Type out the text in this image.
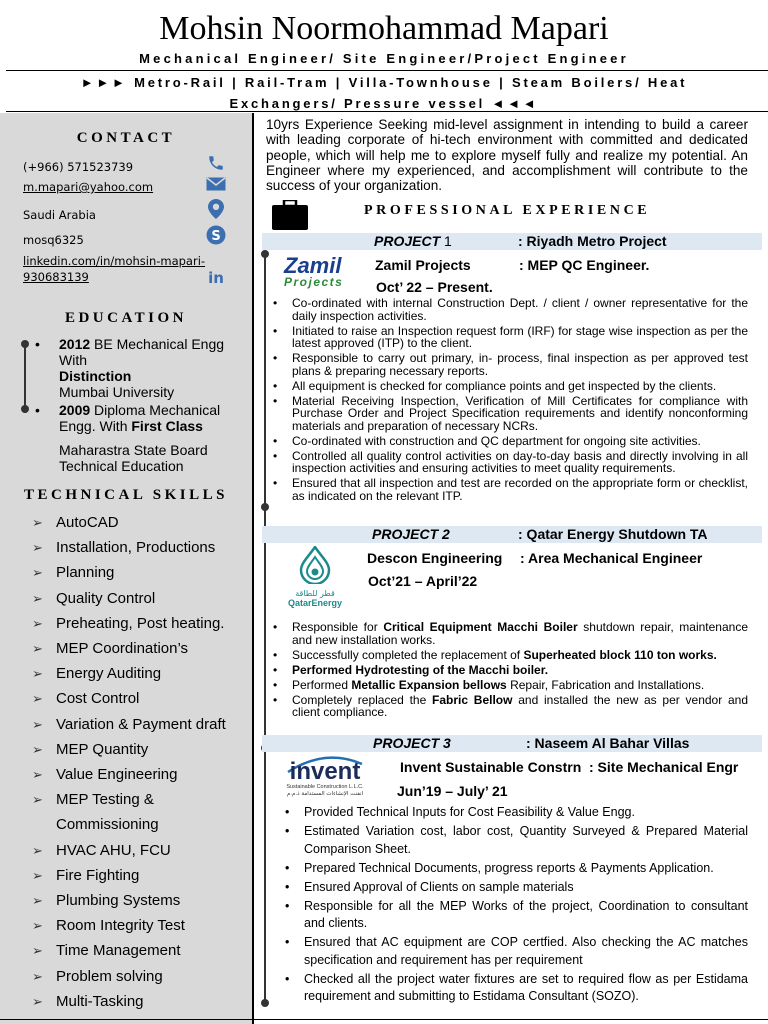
Mohsin Noormohammad Mapari
Mechanical Engineer/ Site Engineer/Project Engineer
►►► Metro-Rail | Rail-Tram | Villa-Townhouse | Steam Boilers/ Heat
Exchangers/ Pressure vessel ◄◄◄
CONTACT
(+966) 571523739
m.mapari@yahoo.com
Saudi Arabia
mosq6325
linkedin.com/in/mohsin-mapari-
930683139
S
in
EDUCATION
• 2012 BE Mechanical Engg With
Distinction
Mumbai University
• 2009 Diploma Mechanical
Engg. With First Class

Maharastra State Board
Technical Education
TECHNICAL SKILLS
➢ AutoCAD
➢ Installation, Productions
➢ Planning
➢ Quality Control
➢ Preheating, Post heating.
➢ MEP Coordination’s
➢ Energy Auditing
➢ Cost Control
➢ Variation & Payment draft
➢ MEP Quantity
➢ Value Engineering
➢ MEP Testing &
Commissioning
➢ HVAC AHU, FCU
➢ Fire Fighting
➢ Plumbing Systems
➢ Room Integrity Test
➢ Time Management
➢ Problem solving
➢ Multi-Tasking
10yrs Experience Seeking mid-level assignment in intending to build a career with leading corporate of hi-tech environment with committed and dedicated people, which will help me to explore myself fully and realize my potential. An Engineer where my experienced, and accomplishment will contribute to the success of your organization.
PROFESSIONAL EXPERIENCE
PROJECT 1	: Riyadh Metro Project
Zamil
Projects
Zamil Projects	: MEP QC Engineer.
Oct’ 22 – Present.
• Co-ordinated with internal Construction Dept. / client / owner representative for the daily inspection activities.
• Initiated to raise an Inspection request form (IRF) for stage wise inspection as per the latest approved (ITP) to the client.
• Responsible to carry out primary, in- process, final inspection as per approved test plans & preparing necessary reports.
• All equipment is checked for compliance points and get inspected by the clients.
• Material Receiving Inspection, Verification of Mill Certificates for compliance with Purchase Order and Project Specification requirements and identify nonconforming materials and preparation of necessary NCRs.
• Co-ordinated with construction and QC department for ongoing site activities.
• Controlled all quality control activities on day-to-day basis and directly involving in all inspection activities and ensuring activities to meet quality requirements.
• Ensured that all inspection and test are recorded on the appropriate form or checklist, as indicated on the relevant ITP.
PROJECT 2	: Qatar Energy Shutdown TA
قطر للطاقة
QatarEnergy
Descon Engineering : Area Mechanical Engineer
Oct’21 – April’22
• Responsible for Critical Equipment Macchi Boiler shutdown repair, maintenance and new installation works.
• Successfully completed the replacement of Superheated block 110 ton works.
• Performed Hydrotesting of the Macchi boiler.
• Performed Metallic Expansion bellows Repair, Fabrication and Installations.
• Completely replaced the Fabric Bellow and installed the new as per vendor and client compliance.
PROJECT 3	: Naseem Al Bahar Villas
invent
Sustainable Construction L.L.C.
انفنت الإنشاءات المستدامة ذ.م.م
Invent Sustainable Constrn : Site Mechanical Engr
Jun’19 – July’ 21
• Provided Technical Inputs for Cost Feasibility & Value Engg.
• Estimated Variation cost, labor cost, Quantity Surveyed & Prepared Material Comparison Sheet.
• Prepared Technical Documents, progress reports & Payments Application.
• Ensured Approval of Clients on sample materials
• Responsible for all the MEP Works of the project, Coordination to consultant and clients.
• Ensured that AC equipment are COP certfied. Also checking the AC matches specification and requirement has per requirement
• Checked all the project water fixtures are set to required flow as per Estidama requirement and submitting to Estidama Consultant (SOZO).
